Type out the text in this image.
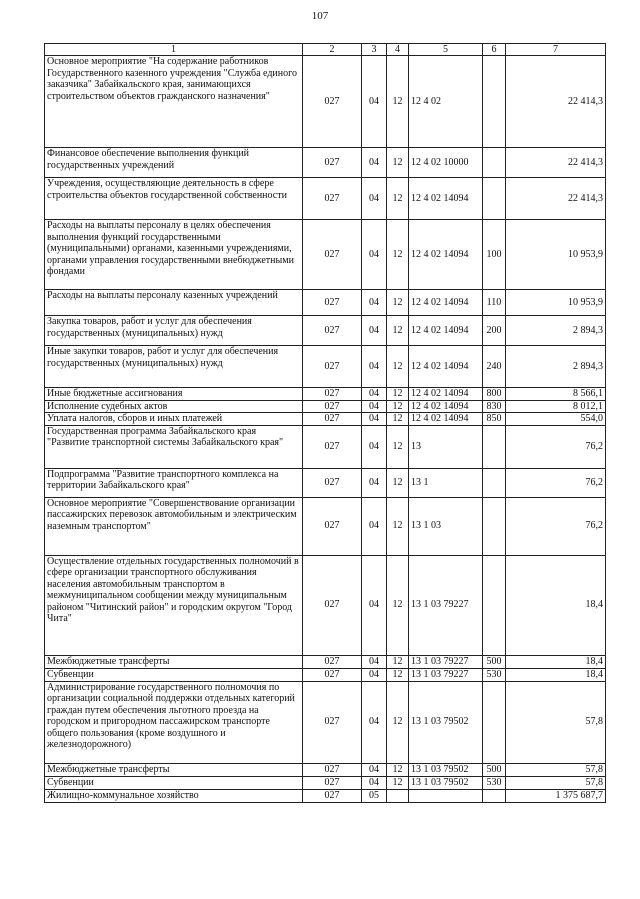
107
1	2	3	4	5	6	7
Основное мероприятие "На содержание работников Государственного казенного учреждения "Служба единого заказчика" Забайкальского края, занимающихся строительством объектов гражданского назначения"	027	04	12	12 4 02		22 414,3
Финансовое обеспечение выполнения функций государственных учреждений	027	04	12	12 4 02 10000		22 414,3
Учреждения, осуществляющие деятельность в сфере строительства объектов государственной собственности	027	04	12	12 4 02 14094		22 414,3
Расходы на выплаты персоналу в целях обеспечения выполнения функций государственными (муниципальными) органами, казенными учреждениями, органами управления государственными внебюджетными фондами	027	04	12	12 4 02 14094	100	10 953,9
Расходы на выплаты персоналу казенных учреждений	027	04	12	12 4 02 14094	110	10 953,9
Закупка товаров, работ и услуг для обеспечения государственных (муниципальных) нужд	027	04	12	12 4 02 14094	200	2 894,3
Иные закупки товаров, работ и услуг для обеспечения государственных (муниципальных) нужд	027	04	12	12 4 02 14094	240	2 894,3
Иные бюджетные ассигнования	027	04	12	12 4 02 14094	800	8 566,1
Исполнение судебных актов	027	04	12	12 4 02 14094	830	8 012,1
Уплата налогов, сборов и иных платежей	027	04	12	12 4 02 14094	850	554,0
Государственная программа Забайкальского края "Развитие транспортной системы Забайкальского края"	027	04	12	13		76,2
Подпрограмма "Развитие транспортного комплекса на территории Забайкальского края"	027	04	12	13 1		76,2
Основное мероприятие "Совершенствование организации пассажирских перевозок автомобильным и электрическим наземным транспортом"	027	04	12	13 1 03		76,2
Осуществление отдельных государственных полномочий в сфере организации транспортного обслуживания населения автомобильным транспортом в межмуниципальном сообщении между муниципальным районом "Читинский район" и городским округом "Город Чита"	027	04	12	13 1 03 79227		18,4
Межбюджетные трансферты	027	04	12	13 1 03 79227	500	18,4
Субвенции	027	04	12	13 1 03 79227	530	18,4
Администрирование государственного полномочия по организации социальной поддержки отдельных категорий граждан путем обеспечения льготного проезда на городском и пригородном пассажирском транспорте общего пользования (кроме воздушного и железнодорожного)	027	04	12	13 1 03 79502		57,8
Межбюджетные трансферты	027	04	12	13 1 03 79502	500	57,8
Субвенции	027	04	12	13 1 03 79502	530	57,8
Жилищно-коммунальное хозяйство	027	05				1 375 687,7
